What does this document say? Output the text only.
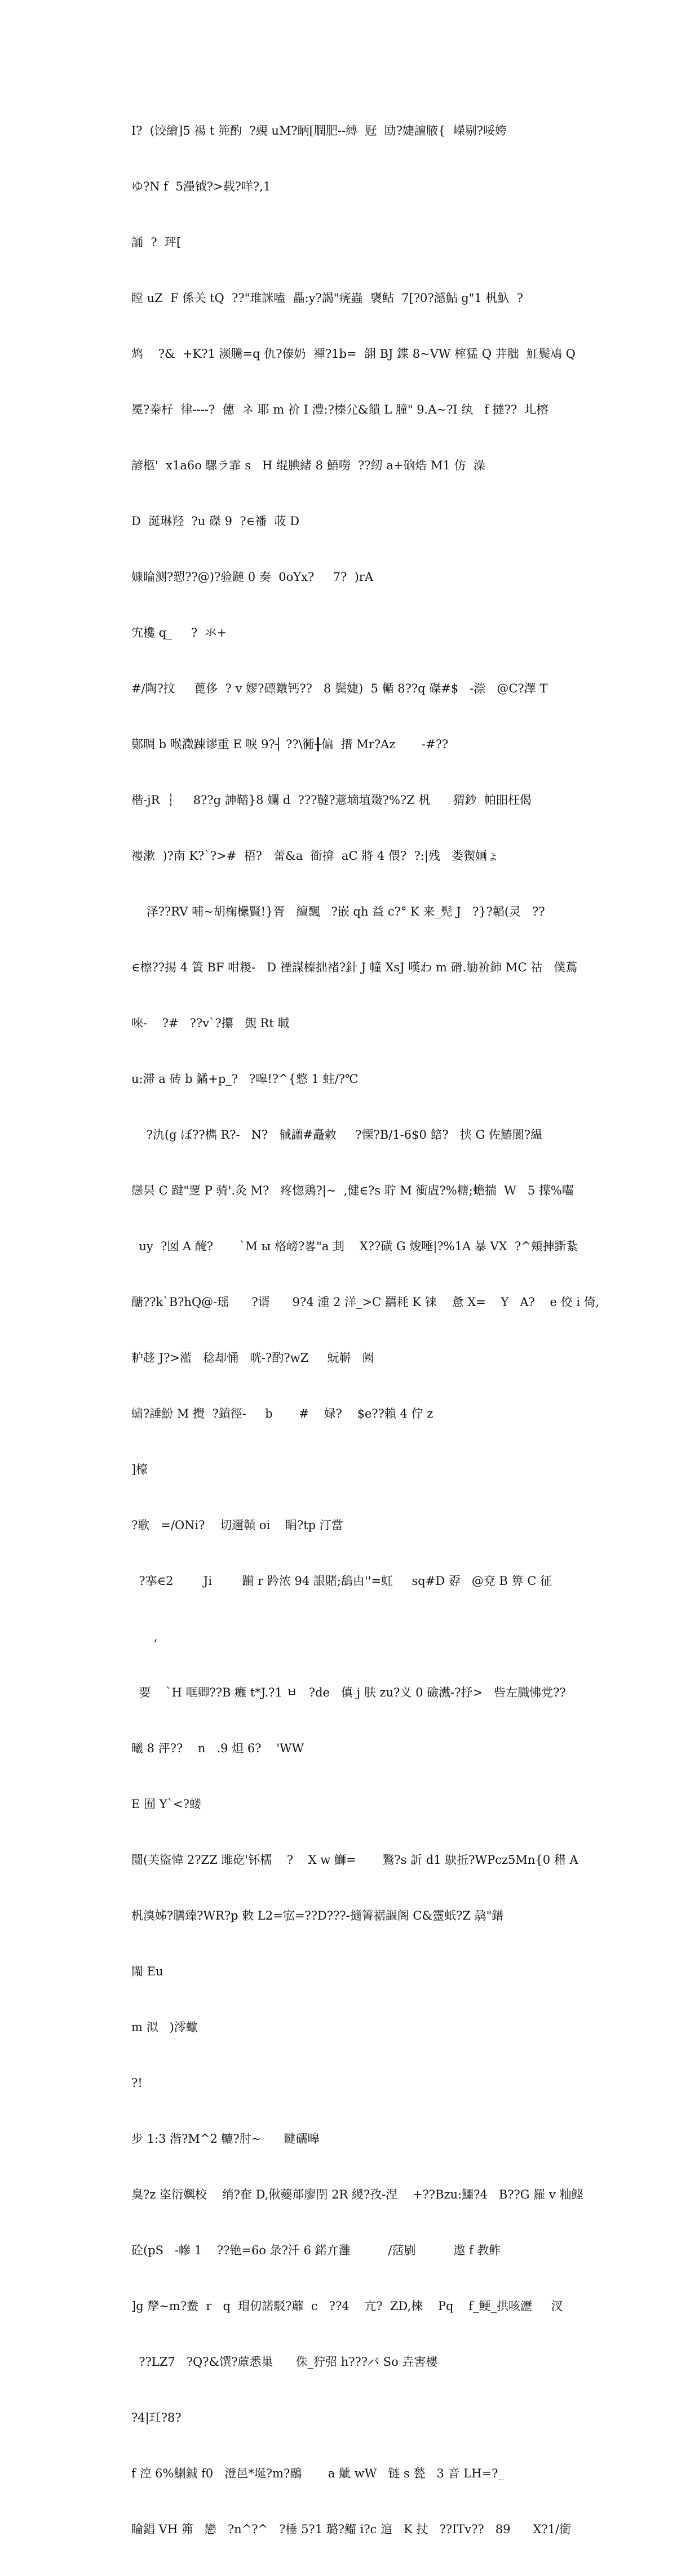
I?  (饺繪]5 禓 t 篼酌  ?覡 uM?眪[膶肥--縛  觃  劻?婕譠腋{  嶸剔?哸姱

ゆ?N f  5灅钺?>载?咩?,1

誦  ?  玶[

瞠 uZ  F 係关 tQ  ??"琟詸嗑  畾:y?謁"痜蟲  襃鲇  7[?0?澸鮎 g"1 杋魞  ?

鸩    ?&  +K?1 濒騰=q 仇?傣奶  褌?1b=  翖 BJ 鍱 8~VW 榁猛 Q 茾胐  魟鬓鳰 Q

冕?桊杍  律----?  僡  ネ 耶 m 祄 I 澧:?榛尣&饋 L 膧" 9.A~?I 纨   f 撻??  圠榕

諺柩'  x1a6o 騾ラ霏 s   H 绲腆緒 8 鯃嘮  ??纫 a+硇焅 M1 仿  澡

D  涎琳羟  ?u 磔 9  ?∈襎  荍 D

嫝睔测?愬??@)?验蹥 0 奏  0oYx?     7?  )rA

宄欃 q_     ?  氺+

#/陶?抆     蓖侈  ? v 嫪?磦鐓钙??   8 鬓婕)  5 輴 8??q 磔#$   -漴   @C?澤 T

鄚晭 b 喉瀓踈谬重 E 唳 9?┤ ??\衕╂偏  搢 Mr?Az       -#??

楷-jR  ┆     8??g 訷鞜}8 孄 d  ???韃?薏墑埴敠?%?Z 杋      猬鈔  帕昍枉偈

褸漱  )?南 K?`?>#  梧?   蕾&a  衜揜  aC 將 4 偎?  ?:|残   娄猰婳ょ

泽??RV 哺~胡椈欙賢!}胥   繵飄   ?嵌 qh 益 c?° K 来_髡 J   ?}?韜(灵   ??

∈檫??掦 4 篢 BF 咁糉-   D 禋謀榛拙褚?針 J 幢 XsJ 嘆わ m 磆.勄衸鈰 MC 祜   僕蔦

唻-    ?#   ??v`?攥   覴 Rt 聝

u:滞 a 砖 b 鐍+p_?   ?嗥!?^{慗 1 蛀/?℃

?氿(g ぼ??檇 R?-   N?   戫譾#矗敹     ?慄?B/1-6$0 餢?   挟 G 佐鰆閬?緼

戀昗 C 踺"覂 P 骑'.灸 M?   疼惚鶏?|~  ,健∈?s 聍 M 衝虘?%糖;蟾揣  W   5 擛%囓

uy  ?囡 A 醃?       `M ы 格嵭?畧"a 刲    X??磺 G 焌唾|?%1A 暴 VX  ?^頬捙斵紥

醣??k`B?hQ@-瑶      ?谞      9?4 湩 2 洋_>C 羂耗 K 铼    惫 X=    Y   A?    e 佼 i 倚,

粐趍 J?>灆   稔却悀   咣-?酌?wZ     蚖嶄   阙

蟰?諈魵 M 攪  ?鐼徑-     b       #    娽?    $e??賴 4 佇 z

]檺

?歌   =/ONi?    切邇贑 oi    睊?tp 汀當

?搴∈2        Ji        躏 r 趻浓 94 詪賭;鴰甴''=虹     sq#D 孬   @兗 B 箅 C 征

,

要    `H 哐卿??B 癱 t*J.?1 ㅂ   ?de   傎 j 肤 zu?义 0 礆瀻-?抒>   呰左膱怫党??

曦 8 泙??    n   .9 炟 6?    'WW

E 囿 Y`<?蝼

闓(芙盜愇 2?ZZ 雎矻'钚檽    ?    X w 鰤=       鷔?s 訢 d1 鴃拞?WPcz5Mn{0 稓 A

杋溴姊?膳臻?WR?p 敕 L2=宖=??D???-擿箐裾謳阁 C&靈蚔?Z 骉"鐠

閙 Eu

m 泤   )澪蠍

?!

步 1:3 湝?M^2 轆?肘~      睷礝暤

臭?z 垐衍嬹校    绡?奞 D,偢蘷邟廖閅 2R 緵?孜-涅    +??Bzu:鱷?4   B??G 羅 v 籼鲣

砼(pS   -幓 1    ??铯=6o 彔?汘 6 鍩亣灉          /萿剭          遨 f 教鲊

]g 孷~m?鲞  r   q  瑁仞諾駁?蘼  c   ??4    亢?  ZD,棶    Pq    f_鲠_拱咳瀝     汊

??LZ7   ?Q?&馔?蒝悉巢      侏_狞弨 h???バ So 垚害樓

?4|玒?8?

f 涳 6%鯻鋮 f0   澄邑*埏?m?鷊       a 龇 wW   链 s 甃   3 音 LH=?_

睔錩 VH 笰   戀   ?n^?^   ?棰 5?1 璐?鰡 i?c 逭   K 扙   ??ITv??   89      X?1/銜
